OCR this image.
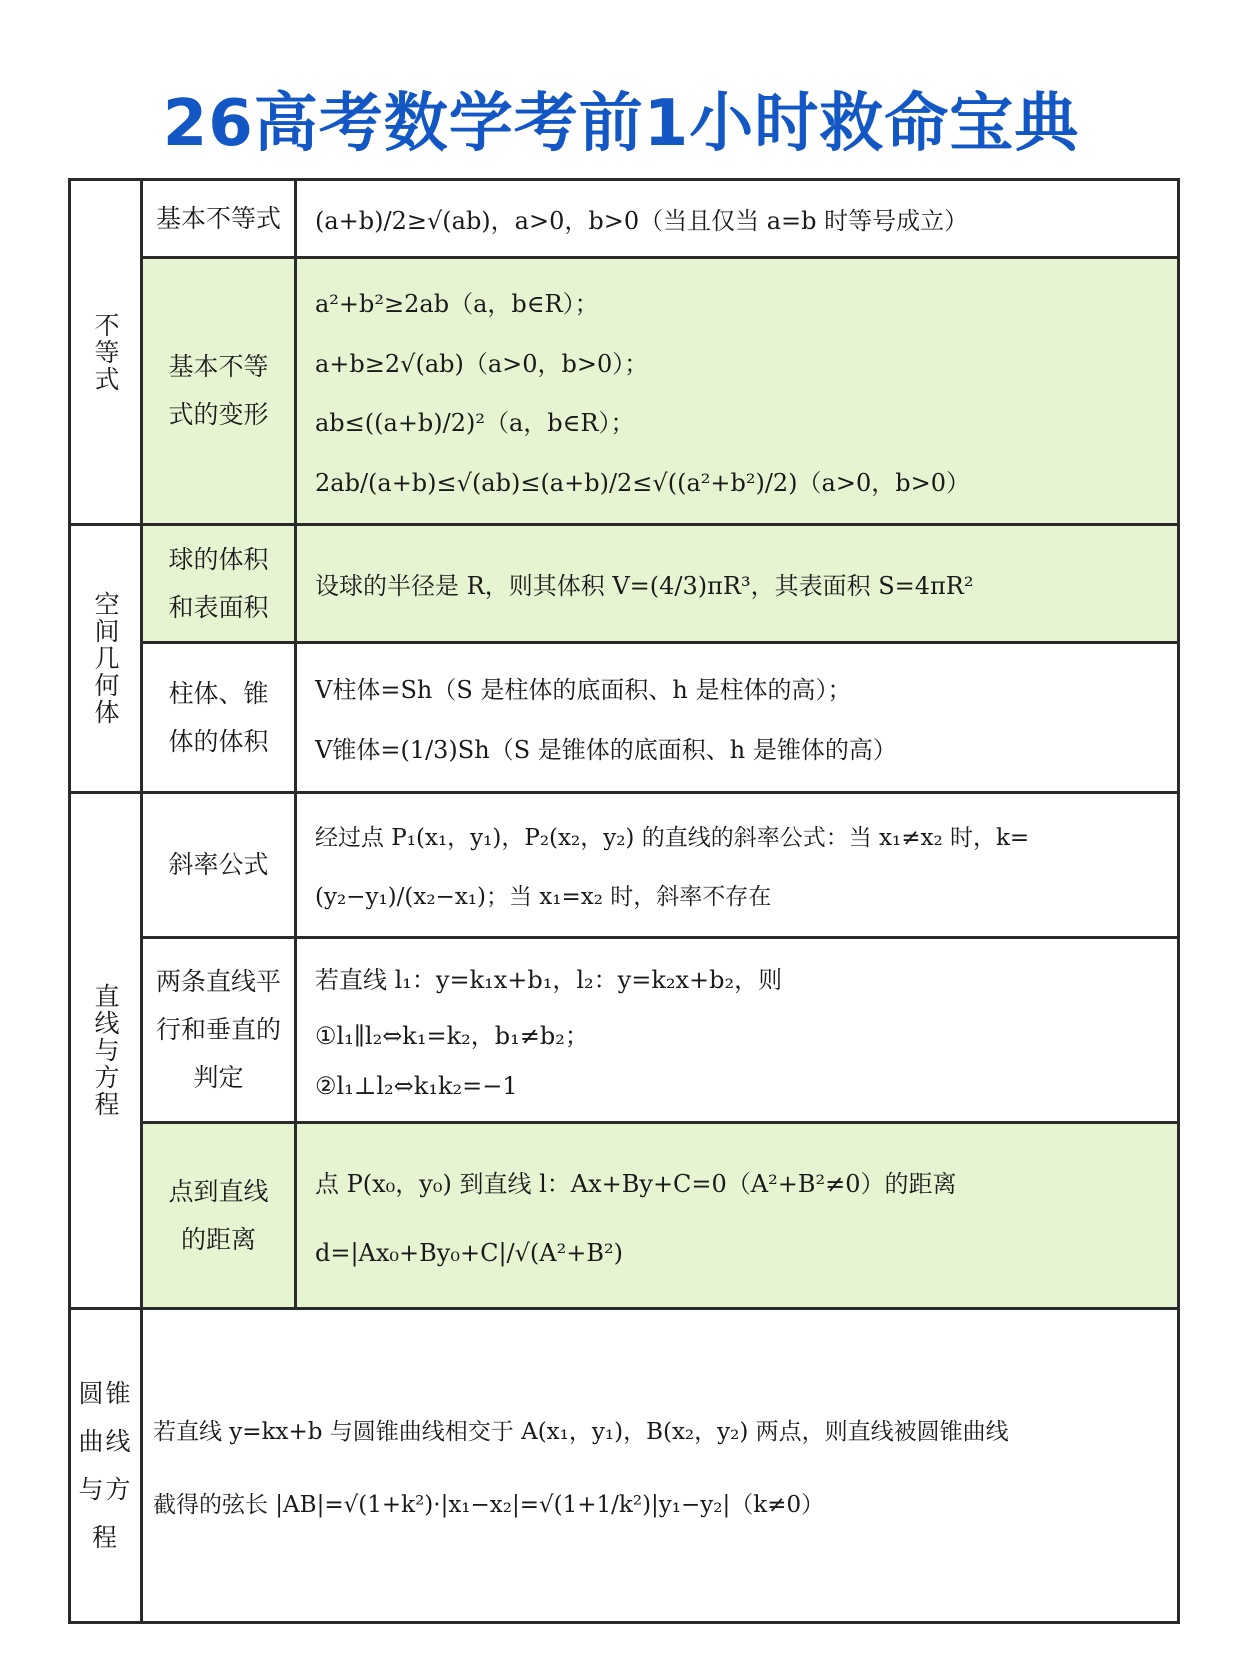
26高考数学考前1小时救命宝典
不等式
基本不等式	(a+b)/2≥√(ab)，a>0，b>0（当且仅当 a=b 时等号成立）
基本不等式的变形
a²+b²≥2ab（a，b∈R）；
a+b≥2√(ab)（a>0，b>0）；
ab≤((a+b)/2)²（a，b∈R）；
2ab/(a+b)≤√(ab)≤(a+b)/2≤√((a²+b²)/2)（a>0，b>0）
空间几何体
球的体积和表面积
设球的半径是 R，则其体积 V=(4/3)πR³，其表面积 S=4πR²
柱体、锥体的体积
V柱体=Sh（S 是柱体的底面积、h 是柱体的高）；
V锥体=(1/3)Sh（S 是锥体的底面积、h 是锥体的高）
直线与方程
斜率公式
经过点 P₁(x₁，y₁)，P₂(x₂，y₂) 的直线的斜率公式：当 x₁≠x₂ 时，k=
(y₂−y₁)/(x₂−x₁)；当 x₁=x₂ 时，斜率不存在
两条直线平行和垂直的判定
若直线 l₁：y=k₁x+b₁，l₂：y=k₂x+b₂，则
①l₁∥l₂⇔k₁=k₂，b₁≠b₂；
②l₁⊥l₂⇔k₁k₂=−1
点到直线的距离
点 P(x₀，y₀) 到直线 l：Ax+By+C=0（A²+B²≠0）的距离
d=|Ax₀+By₀+C|/√(A²+B²)
圆锥曲线与方程
若直线 y=kx+b 与圆锥曲线相交于 A(x₁，y₁)，B(x₂，y₂) 两点，则直线被圆锥曲线
截得的弦长 |AB|=√(1+k²)·|x₁−x₂|=√(1+1/k²)|y₁−y₂|（k≠0）
